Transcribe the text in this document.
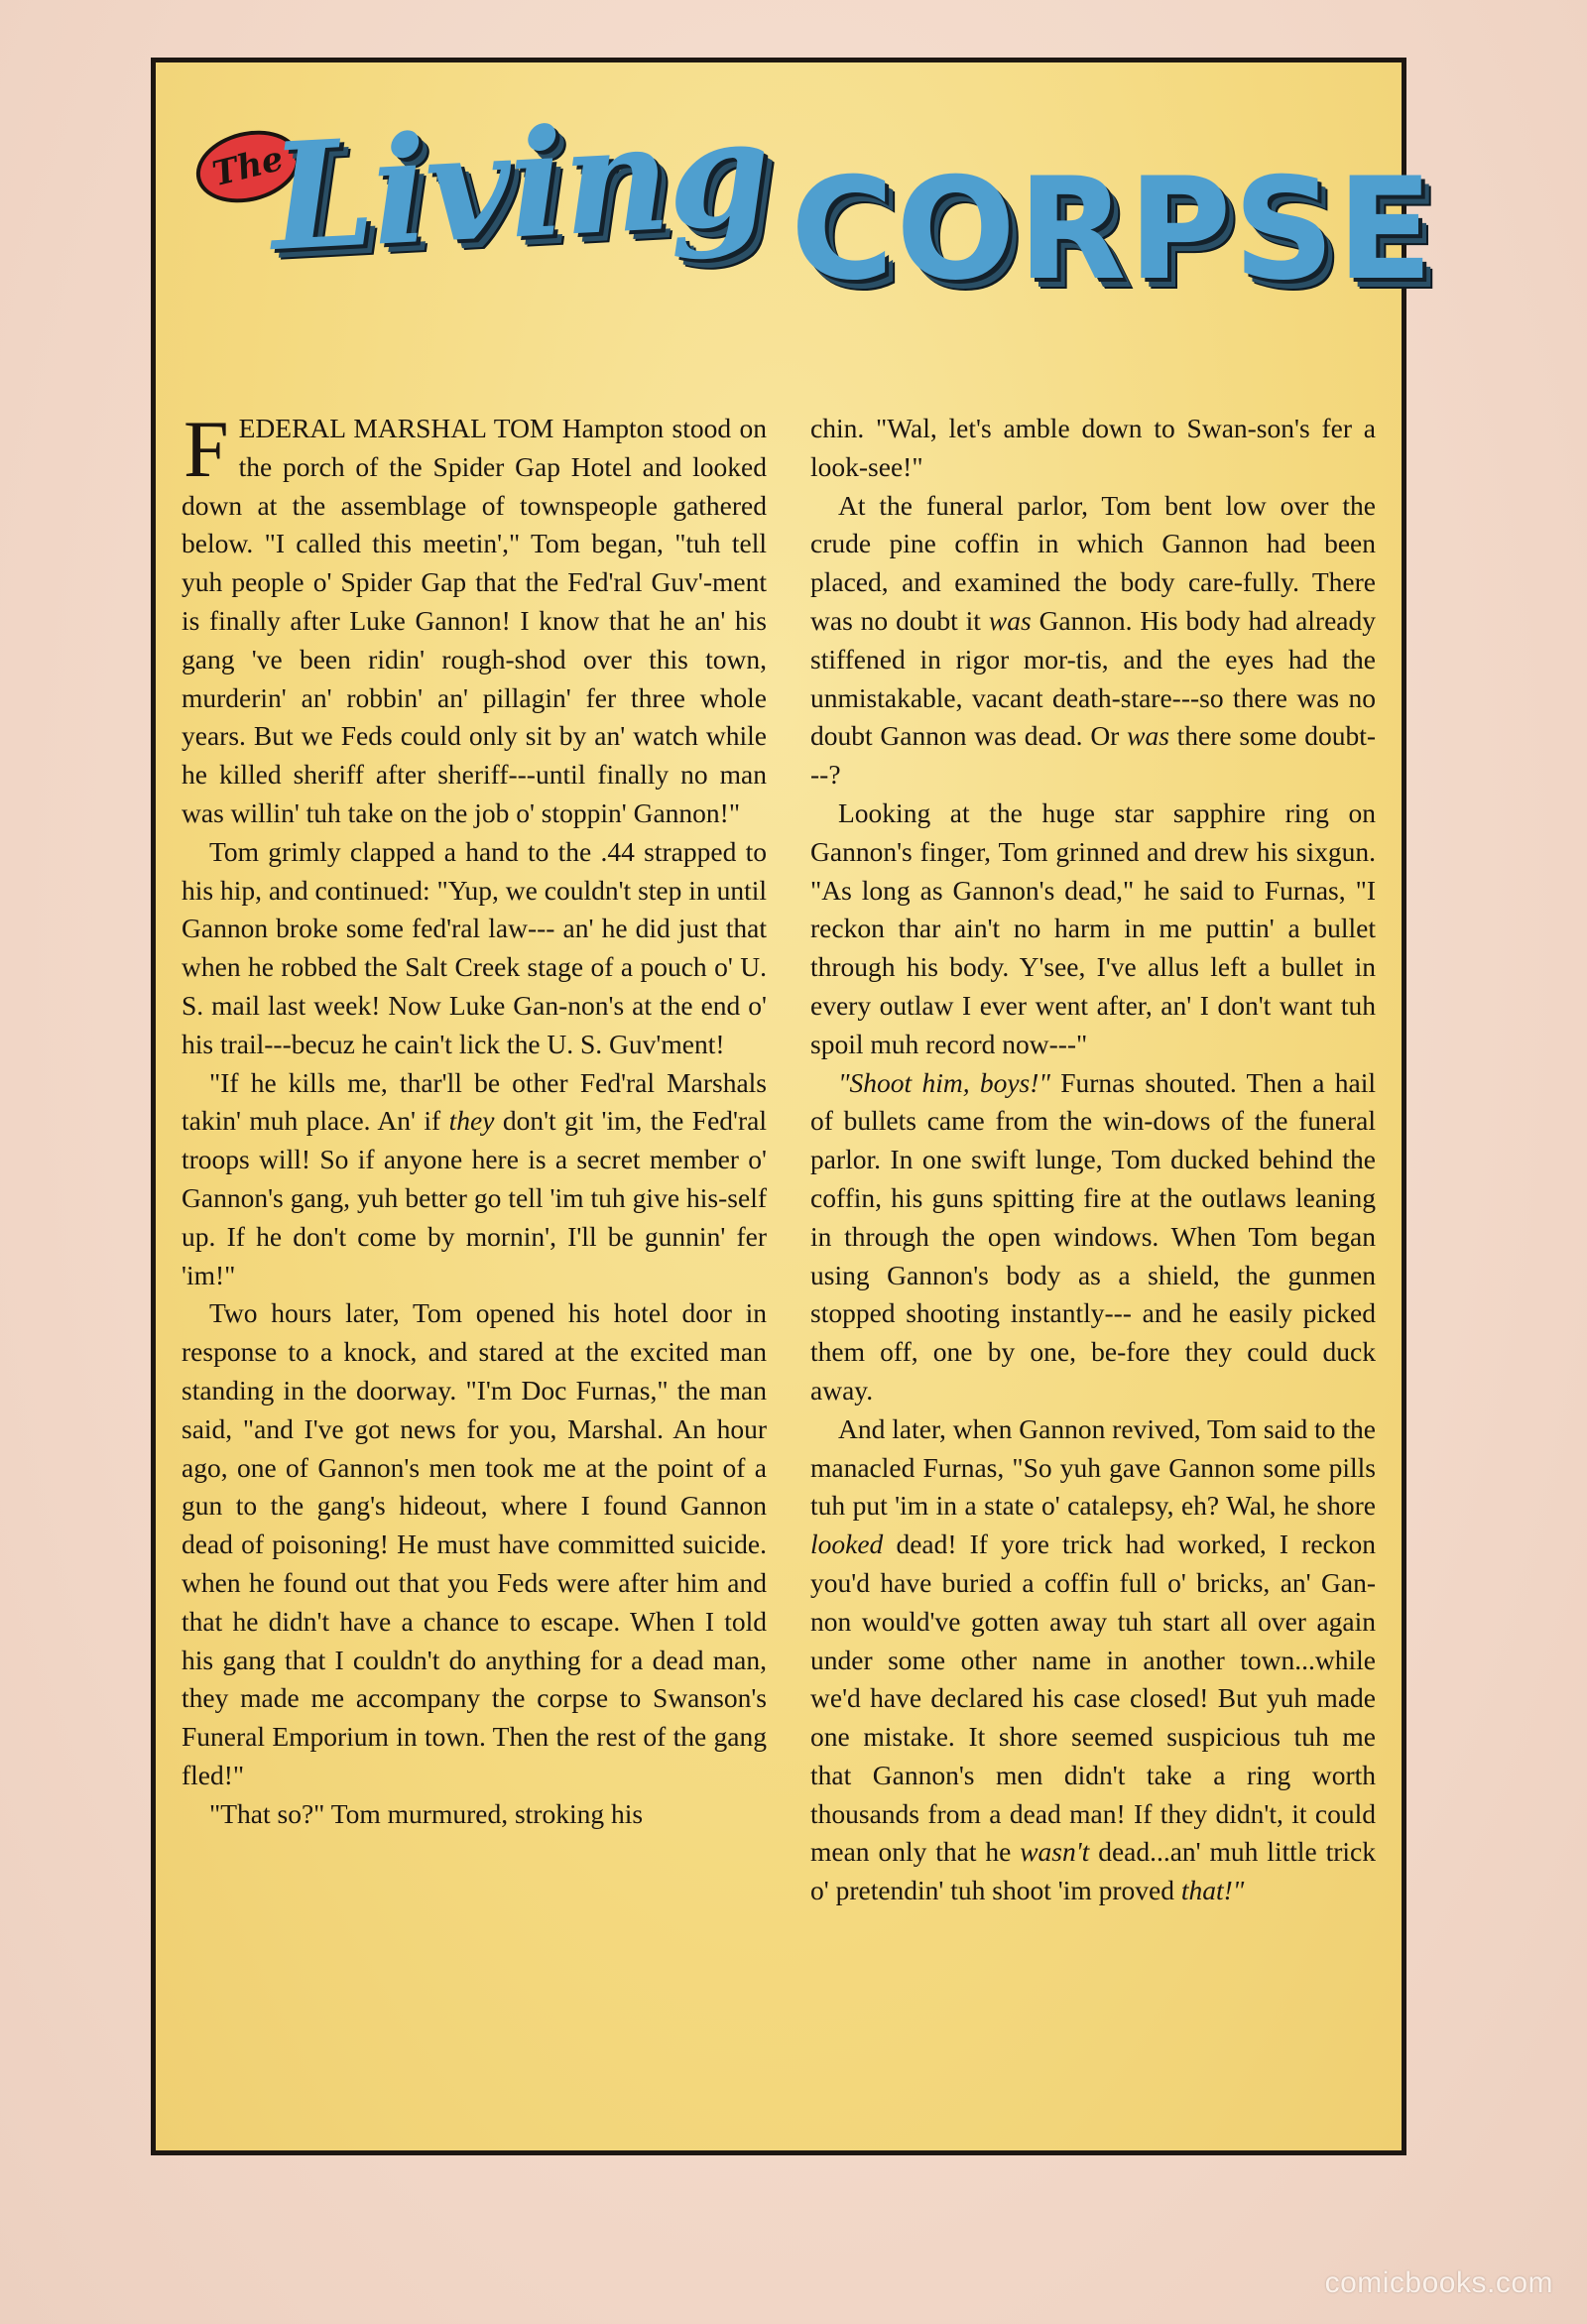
The
Living CORPSE

FEDERAL MARSHAL TOM Hampton stood on the porch of the Spider Gap Hotel and looked down at the assemblage of townspeople gathered below. "I called this meetin'," Tom began, "tuh tell yuh people o' Spider Gap that the Fed'ral Guv'-ment is finally after Luke Gannon! I know that he an' his gang 've been ridin' rough-shod over this town, murderin' an' robbin' an' pillagin' fer three whole years. But we Feds could only sit by an' watch while he killed sheriff after sheriff---until finally no man was willin' tuh take on the job o' stoppin' Gannon!"

Tom grimly clapped a hand to the .44 strapped to his hip, and continued: "Yup, we couldn't step in until Gannon broke some fed'ral law--- an' he did just that when he robbed the Salt Creek stage of a pouch o' U. S. mail last week! Now Luke Gan-non's at the end o' his trail---becuz he cain't lick the U. S. Guv'ment!

"If he kills me, thar'll be other Fed'ral Marshals takin' muh place. An' if they don't git 'im, the Fed'ral troops will! So if anyone here is a secret member o' Gannon's gang, yuh better go tell 'im tuh give his-self up. If he don't come by mornin', I'll be gunnin' fer 'im!"

Two hours later, Tom opened his hotel door in response to a knock, and stared at the excited man standing in the doorway. "I'm Doc Furnas," the man said, "and I've got news for you, Marshal. An hour ago, one of Gannon's men took me at the point of a gun to the gang's hideout, where I found Gannon dead of poisoning! He must have committed suicide. when he found out that you Feds were after him and that he didn't have a chance to escape. When I told his gang that I couldn't do anything for a dead man, they made me accompany the corpse to Swanson's Funeral Emporium in town. Then the rest of the gang fled!"

"That so?" Tom murmured, stroking his

chin. "Wal, let's amble down to Swan-son's fer a look-see!"

At the funeral parlor, Tom bent low over the crude pine coffin in which Gannon had been placed, and examined the body care-fully. There was no doubt it was Gannon. His body had already stiffened in rigor mor-tis, and the eyes had the unmistakable, vacant death-stare---so there was no doubt Gannon was dead. Or was there some doubt---?

Looking at the huge star sapphire ring on Gannon's finger, Tom grinned and drew his sixgun. "As long as Gannon's dead," he said to Furnas, "I reckon thar ain't no harm in me puttin' a bullet through his body. Y'see, I've allus left a bullet in every outlaw I ever went after, an' I don't want tuh spoil muh record now---"

"Shoot him, boys!" Furnas shouted. Then a hail of bullets came from the win-dows of the funeral parlor. In one swift lunge, Tom ducked behind the coffin, his guns spitting fire at the outlaws leaning in through the open windows. When Tom began using Gannon's body as a shield, the gunmen stopped shooting instantly--- and he easily picked them off, one by one, be-fore they could duck away.

And later, when Gannon revived, Tom said to the manacled Furnas, "So yuh gave Gannon some pills tuh put 'im in a state o' catalepsy, eh? Wal, he shore looked dead! If yore trick had worked, I reckon you'd have buried a coffin full o' bricks, an' Gan-non would've gotten away tuh start all over again under some other name in another town...while we'd have declared his case closed! But yuh made one mistake. It shore seemed suspicious tuh me that Gannon's men didn't take a ring worth thousands from a dead man! If they didn't, it could mean only that he wasn't dead...an' muh little trick o' pretendin' tuh shoot 'im proved that!"

comicbooks.com
